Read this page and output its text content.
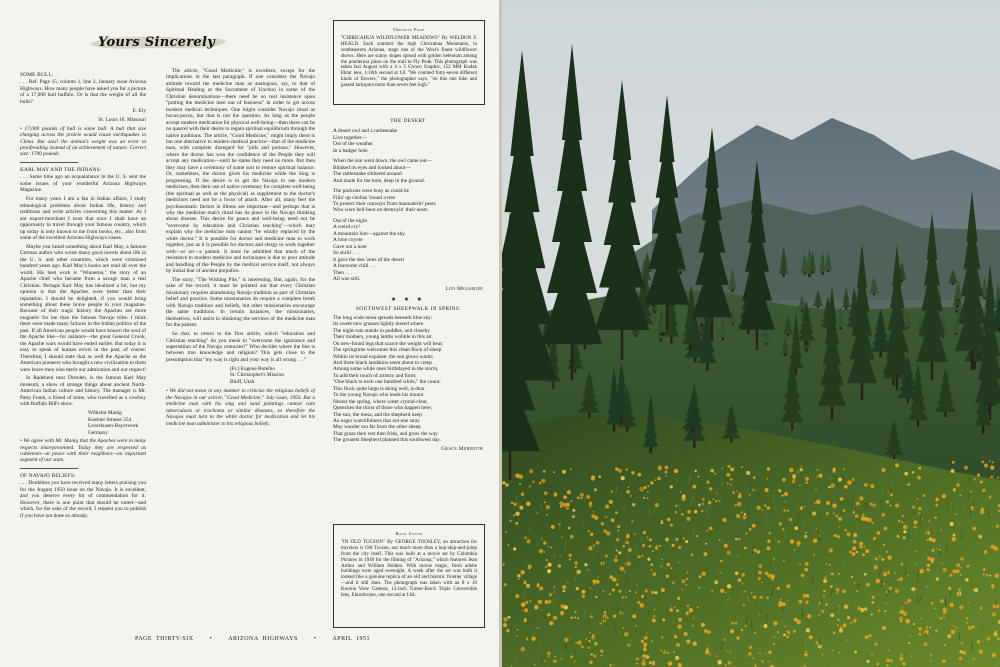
Yours Sincerely

SOME BULL:

. . . Ref. Page 15, column 1, line 2, January issue Arizona Highways. How many people have asked you for a picture of a 17,000 bull buffalo. Or is that the weight of all the bulls?

E. Ely

St. Louis 16, Missouri

• 17,000 pounds of bull is some bull. A bull that size charging across the prairie would cause earthquakes in China. But alas! the animal's weight was an error in proofreading instead of an achievement of nature. Correct size: 1700 pounds.

KARL MAY AND THE INDIANS:

. . . Some time ago an acquaintance in the U. S. sent me some issues of your wonderful Arizona Highways Magazine.

For many years I am a fan in Indian affairs, I study ethnological problems about Indian life, history and traditions and write articles concerning this matter. As I am export-merchant I trust that once I shall have an opportunity to travel through your famous country, which up today is only known to me from books, etc., also from some of the excellent Arizona Highways issues.

Maybe you heard something about Karl May, a famous German author who wrote many good novels about life in the U. S. and other countries, which were colonized hundred years ago. Karl May's books are read all over the world. His best work is "Winnetou," the story of an Apache chief who became from a savage man a real Christian. Perhaps Karl May has idealized a bit, but my opinion is that the Apaches were better than their reputation. I should be delighted, if you would bring something about these brave people in your magazine. Because of their tragic history the Apaches are more magnetic for me than the famous Navajo tribe. I think there were made many failures in the Indian politics of the past. If all American people would have known the soul of the Apache like—for instance—the great General Crook, the Apache wars would have ended earlier. But today it is easy to speak of human errors in the past, of course. Therefore, I should state that as well the Apache as the American pioneers who brought a new civilization to them were brave men who merit our admiration and our respect!

In Radebeul near Dresden, is the famous Karl May museum, a show of strange things about ancient North-American Indian culture and history. The manager is Mr. Patty Frank, a friend of mine, who travelled as a cowboy with Buffalo Bill's show.

Wilhelm Manig

Koelner Strasse 354

Leverkusen-Bayerwerk

Germany

• We agree with Mr. Manig that the Apaches were in many respects misrepresented. Today they are respected as cattlemen—at peace with their neighbors—an important segment of our state.

OF NAVAJO BELIEFS:

. . . Doubtless you have received many letters praising you for the August 1950 issue on the Navajo. It is excellent, and you deserve every bit of commendation for it. However, there is one point that should be noted—and which, for the sake of the record, I request you to publish if you have not done so already.

The article, "Good Medicine," is excellent, except for the implications in the last paragraph. If one considers the Navajo attitude toward the medicine man as analogous, say, to that of Spiritual Healing or the Sacrament of Unction in some of the Christian denominations—there need be no real insistence upon "putting the medicine men out of business" in order to get across modern medical techniques. One might consider Navajo ritual as hocus-pocus, but that is not the question. As long as the people accept modern medication for physical well-being—then there can be no quarrel with their desire to regain spiritual equilibrium through the native traditions. The article, "Good Medicine," might imply there is but one alternative to modern medical practice—that of the medicine man, with complete disregard for "pills and potions." However, where the doctor has won the confidence of the People they will accept any medication—until he states they need no more. But then they may have a ceremony of some sort to restore spiritual balance. Or, sometimes, the doctor gives his medicine while the Sing is progressing. If the desire is to get the Navajo to use modern medicines, then their use of native ceremony for complete well-being (the spiritual as well as the physical) as supplement to the doctor's medicines need not be a focus of attack. After all, many feel the psychosomatic factors in illness are important—and perhaps that is why the medicine man's ritual has its place in the Navajo thinking about disease. This desire for peace and well-being need not be "overcome by education and Christian teaching"—which may explain why the medicine man cannot "be wholly replaced by the white doctor." It is possible for doctor and medicine man to work together, just as it is possible for doctors and clergy to work together with—or on—a patient. It must be admitted that much of the resistance to modern medicine and techniques is due to poor attitude and handling of the People by the medical service itself, not always by initial fear of ancient prejudice.

The story, "The Wishing Pile," is interesting. But, again, for the sake of the record, it must be pointed out that every Christian missionary requires abandoning Navajo tradition as part of Christian belief and practice. Some missionaries do require a complete break with Navajo tradition and beliefs, but other missionaries encourage the same traditions. In certain instances, the missionaries, themselves, will assist in obtaining the services of the medicine man for the patient.

So that, to return to the first article, which "education and Christian teaching" do you mean to "overcome the ignorance and superstition of the Navajo centuries?" Who decides where the line is between true knowledge and religion? This gets close to the presumption that "my way is right and your way is all wrong . . ."

(Fr.) Eugene Botelho

St. Christopher's Mission

Bluff, Utah

• We did not mean in any manner to criticize the religious beliefs of the Navajos in our article, "Good Medicine," July issue, 1950. But a medicine man with his sing and sand paintings cannot cure tuberculosis or trachoma or similar diseases, so therefore the Navajos must turn to the white doctor for medication and let his medicine man administer to his religious beliefs.

Opposite Page
"CHIRICAHUA WILDFLOWER MEADOWS" By WELDON F. HEALD. Each summer the high Chiricahua Mountains, in southeastern Arizona, stage one of the West's finest wildflower shows. Here are sunny slopes spread with golden helenium among the ponderosa pines on the trail to Fly Peak. This photograph was taken last August with a 4 x 5 Crown Graphic, 152 MM Kodak Ektar lens, 1/10th second at f.8. "We counted forty-seven different kinds of flowers," the photographer says, "on this one hike and passed larkspurs more than seven feet high."

THE DESERT

A desert owl and a rattlesnake

Live together—

Out of the weather

In a badger hole

When the sun went down, the owl came out—

Blinked its eyes and looked about—

The rattlesnake slithered around

And made for the hole, deep in the ground.

The packrats were busy as could be

Filin' up chollas 'round a tree

To protect their runways from marauderin' pests

Who were hell-bent on destroyin' their nests.

Out of the night

A weird cry!

A mountain lion—against the sky.

A lone coyote

Gave out a note

So shrill . . .

It gave the den 'zens of the desert

A fearsome chill . . .

Then . . .

All was still.

Lon Megargee

★ ★ ★

SOUTHWEST SHEEPWALK IN SPRING

The long wide mesa spreads beneath blue sky:

Its sweet new grasses lightly moted where

The night-rain stands in puddles, and closeby

Their mothers, young lambs wobble in this air.

On new-found legs that scarce the weight will bear;

The springtime welcomes this clean flock of sheep

Within its broad expanse: the sun glows warm;

And three black lambkins seem about to creep

Among some white ones birthdayed in the storm,

To add their touch of artistry and form:

"One black to each one hundred white," the count:

This flock quite large is doing well, is dear

To the young Navajo who leads his mount

Nearer the spring, where water crystal-clear,

Quenches the thirst of those who happen here;

The sun, the mesa, and the shepherd keep

An eager watchfulness that not one stray

May wander too far from the other sheep

That graze then rest then frisk, and grow the way

The greatest Shepherd planned this southwest day.

Grace Meredith

Back Cover
"IN OLD TUCSON" By GEORGE TOOSLEY, an attraction for travelers is Old Tucson, not much more than a hop-skip-and-jump from the city itself. This was built at a movie set by Columbia Pictures in 1940 for the filming of "Arizona," which featured Jean Arthur and William Holden. With movie magic, fresh adobe buildings were aged overnight. A week after the set was built it looked like a genuine replica of an old and historic frontier village—and it still does. The photograph was taken with an 8 x 10 Korona View Camera, 12-inch Turner-Reich Triple Convertible lens, Ektachrome, one second at f.64.
PAGE THIRTY-SIX	•	ARIZONA HIGHWAYS	•	APRIL 1951
